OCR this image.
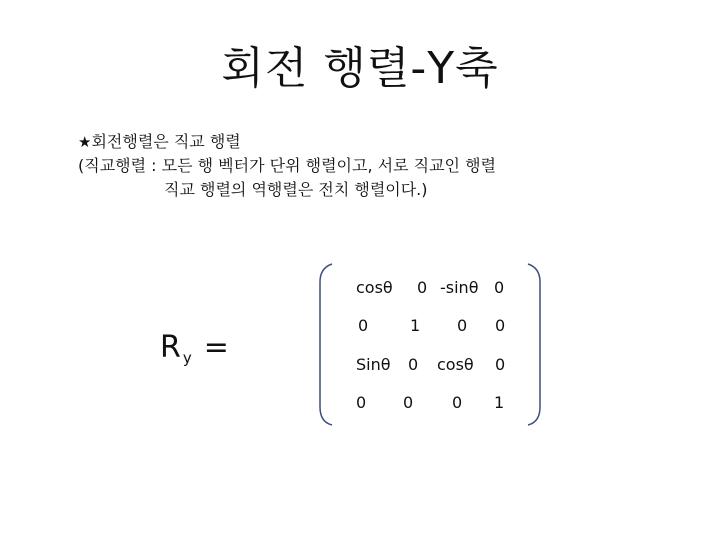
회전 행렬-Y축
★회전행렬은 직교 행렬
(직교행렬 : 모든 행 벡터가 단위 행렬이고, 서로 직교인 행렬
직교 행렬의 역행렬은 전치 행렬이다.)
R $_y$ =
cosθ 0 -sinθ 0
0	1 0 0
Sinθ 0 cosθ 0
0 0 0 1
